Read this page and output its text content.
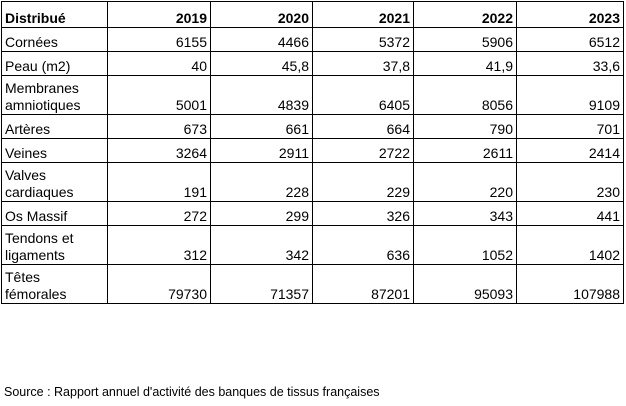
Distribué	2019	2020	2021	2022	2023
Cornées	6155	4466	5372	5906	6512
Peau (m2)	40	45,8	37,8	41,9	33,6
Membranes amniotiques	5001	4839	6405	8056	9109
Artères	673	661	664	790	701
Veines	3264	2911	2722	2611	2414
Valves cardiaques	191	228	229	220	230
Os Massif	272	299	326	343	441
Tendons et ligaments	312	342	636	1052	1402
Têtes fémorales	79730	71357	87201	95093	107988
Source : Rapport annuel d'activité des banques de tissus françaises
